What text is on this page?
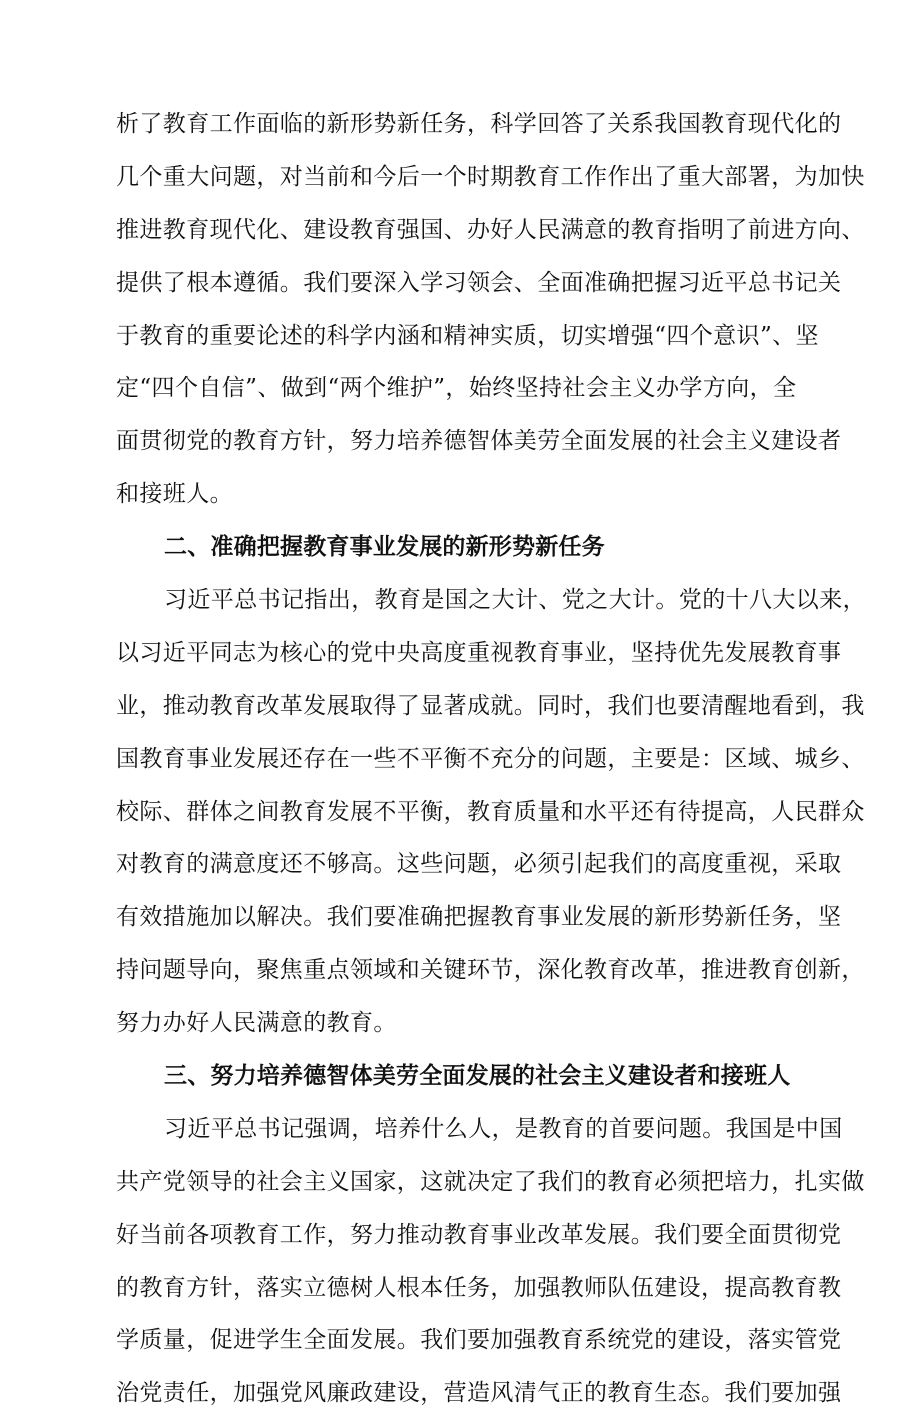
析了教育工作面临的新形势新任务，科学回答了关系我国教育现代化的
几个重大问题，对当前和今后一个时期教育工作作出了重大部署，为加快
推进教育现代化、建设教育强国、办好人民满意的教育指明了前进方向、
提供了根本遵循。我们要深入学习领会、全面准确把握习近平总书记关
于教育的重要论述的科学内涵和精神实质，切实增强“四个意识”、坚
定“四个自信”、做到“两个维护”，始终坚持社会主义办学方向，全
面贯彻党的教育方针，努力培养德智体美劳全面发展的社会主义建设者
和接班人。
二、准确把握教育事业发展的新形势新任务
习近平总书记指出，教育是国之大计、党之大计。党的十八大以来，
以习近平同志为核心的党中央高度重视教育事业，坚持优先发展教育事
业，推动教育改革发展取得了显著成就。同时，我们也要清醒地看到，我
国教育事业发展还存在一些不平衡不充分的问题，主要是：区域、城乡、
校际、群体之间教育发展不平衡，教育质量和水平还有待提高，人民群众
对教育的满意度还不够高。这些问题，必须引起我们的高度重视，采取
有效措施加以解决。我们要准确把握教育事业发展的新形势新任务，坚
持问题导向，聚焦重点领域和关键环节，深化教育改革，推进教育创新，
努力办好人民满意的教育。
三、努力培养德智体美劳全面发展的社会主义建设者和接班人
习近平总书记强调，培养什么人，是教育的首要问题。我国是中国
共产党领导的社会主义国家，这就决定了我们的教育必须把培力，扎实做
好当前各项教育工作，努力推动教育事业改革发展。我们要全面贯彻党
的教育方针，落实立德树人根本任务，加强教师队伍建设，提高教育教
学质量，促进学生全面发展。我们要加强教育系统党的建设，落实管党
治党责任，加强党风廉政建设，营造风清气正的教育生态。我们要加强
